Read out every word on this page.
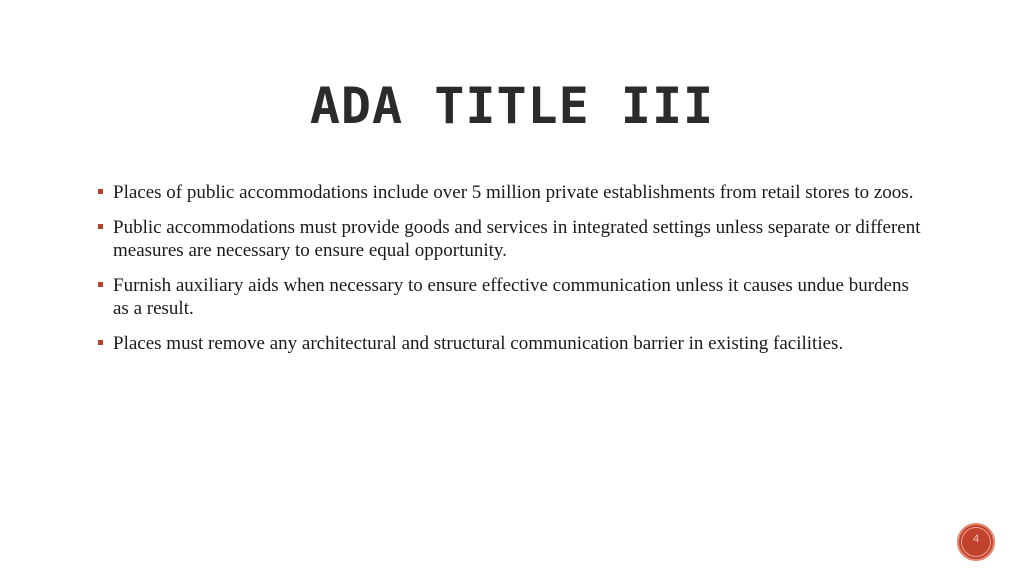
ADA TITLE III
Places of public accommodations include over 5 million private establishments from retail stores to zoos.
Public accommodations must provide goods and services in integrated settings unless separate or different measures are necessary to ensure equal opportunity.
Furnish auxiliary aids when necessary to ensure effective communication unless it causes undue burdens as a result.
Places must remove any architectural and structural communication barrier in existing facilities.
4
